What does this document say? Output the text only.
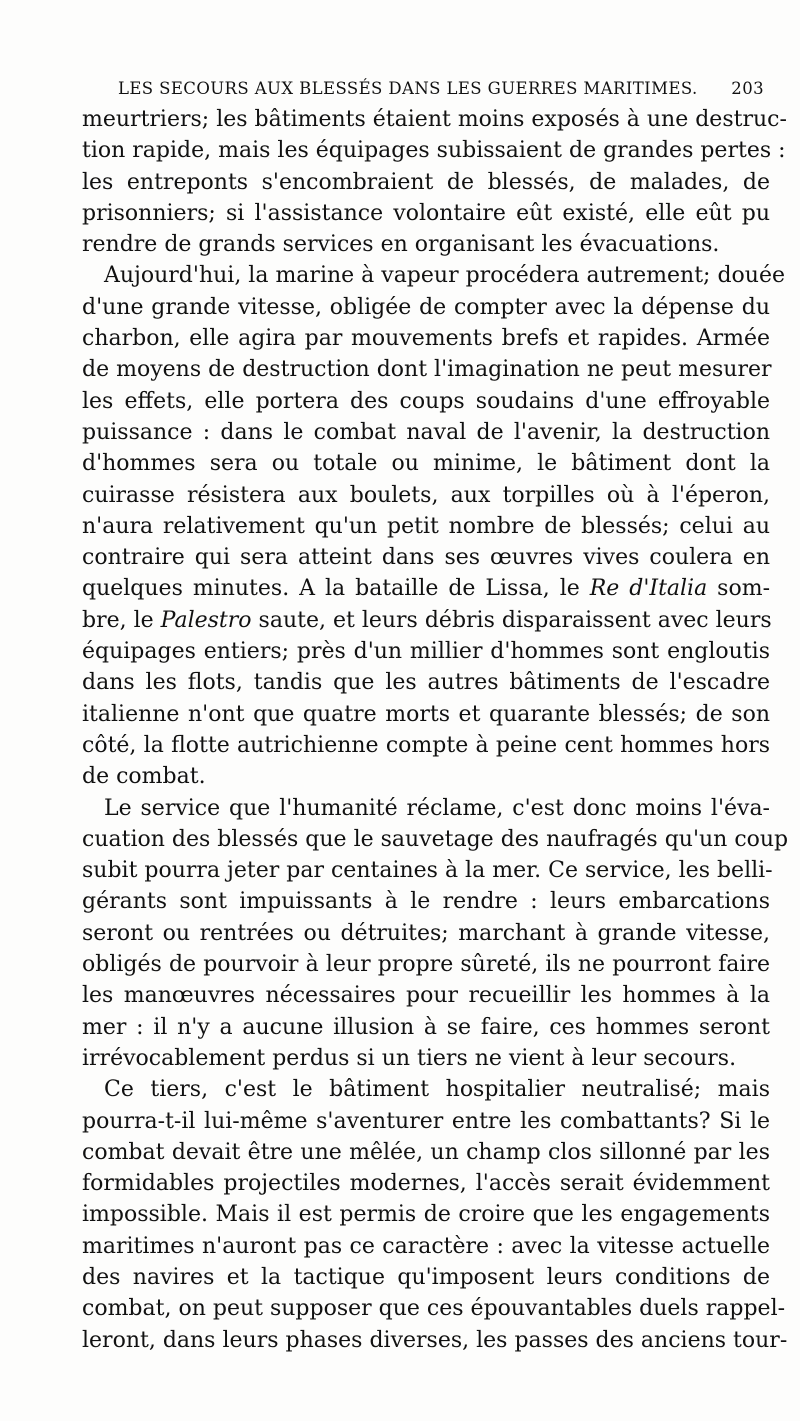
LES SECOURS AUX BLESSÉS DANS LES GUERRES MARITIMES. 203
meurtriers; les bâtiments étaient moins exposés à une destruc-
tion rapide, mais les équipages subissaient de grandes pertes :
les entreponts s'encombraient de blessés, de malades, de
prisonniers; si l'assistance volontaire eût existé, elle eût pu
rendre de grands services en organisant les évacuations.
Aujourd'hui, la marine à vapeur procédera autrement; douée
d'une grande vitesse, obligée de compter avec la dépense du
charbon, elle agira par mouvements brefs et rapides. Armée
de moyens de destruction dont l'imagination ne peut mesurer
les effets, elle portera des coups soudains d'une effroyable
puissance : dans le combat naval de l'avenir, la destruction
d'hommes sera ou totale ou minime, le bâtiment dont la
cuirasse résistera aux boulets, aux torpilles où à l'éperon,
n'aura relativement qu'un petit nombre de blessés; celui au
contraire qui sera atteint dans ses œuvres vives coulera en
quelques minutes. A la bataille de Lissa, le Re d'Italia som-
bre, le Palestro saute, et leurs débris disparaissent avec leurs
équipages entiers; près d'un millier d'hommes sont engloutis
dans les flots, tandis que les autres bâtiments de l'escadre
italienne n'ont que quatre morts et quarante blessés; de son
côté, la flotte autrichienne compte à peine cent hommes hors
de combat.
Le service que l'humanité réclame, c'est donc moins l'éva-
cuation des blessés que le sauvetage des naufragés qu'un coup
subit pourra jeter par centaines à la mer. Ce service, les belli-
gérants sont impuissants à le rendre : leurs embarcations
seront ou rentrées ou détruites; marchant à grande vitesse,
obligés de pourvoir à leur propre sûreté, ils ne pourront faire
les manœuvres nécessaires pour recueillir les hommes à la
mer : il n'y a aucune illusion à se faire, ces hommes seront
irrévocablement perdus si un tiers ne vient à leur secours.
Ce tiers, c'est le bâtiment hospitalier neutralisé; mais
pourra-t-il lui-même s'aventurer entre les combattants? Si le
combat devait être une mêlée, un champ clos sillonné par les
formidables projectiles modernes, l'accès serait évidemment
impossible. Mais il est permis de croire que les engagements
maritimes n'auront pas ce caractère : avec la vitesse actuelle
des navires et la tactique qu'imposent leurs conditions de
combat, on peut supposer que ces épouvantables duels rappel-
leront, dans leurs phases diverses, les passes des anciens tour-
